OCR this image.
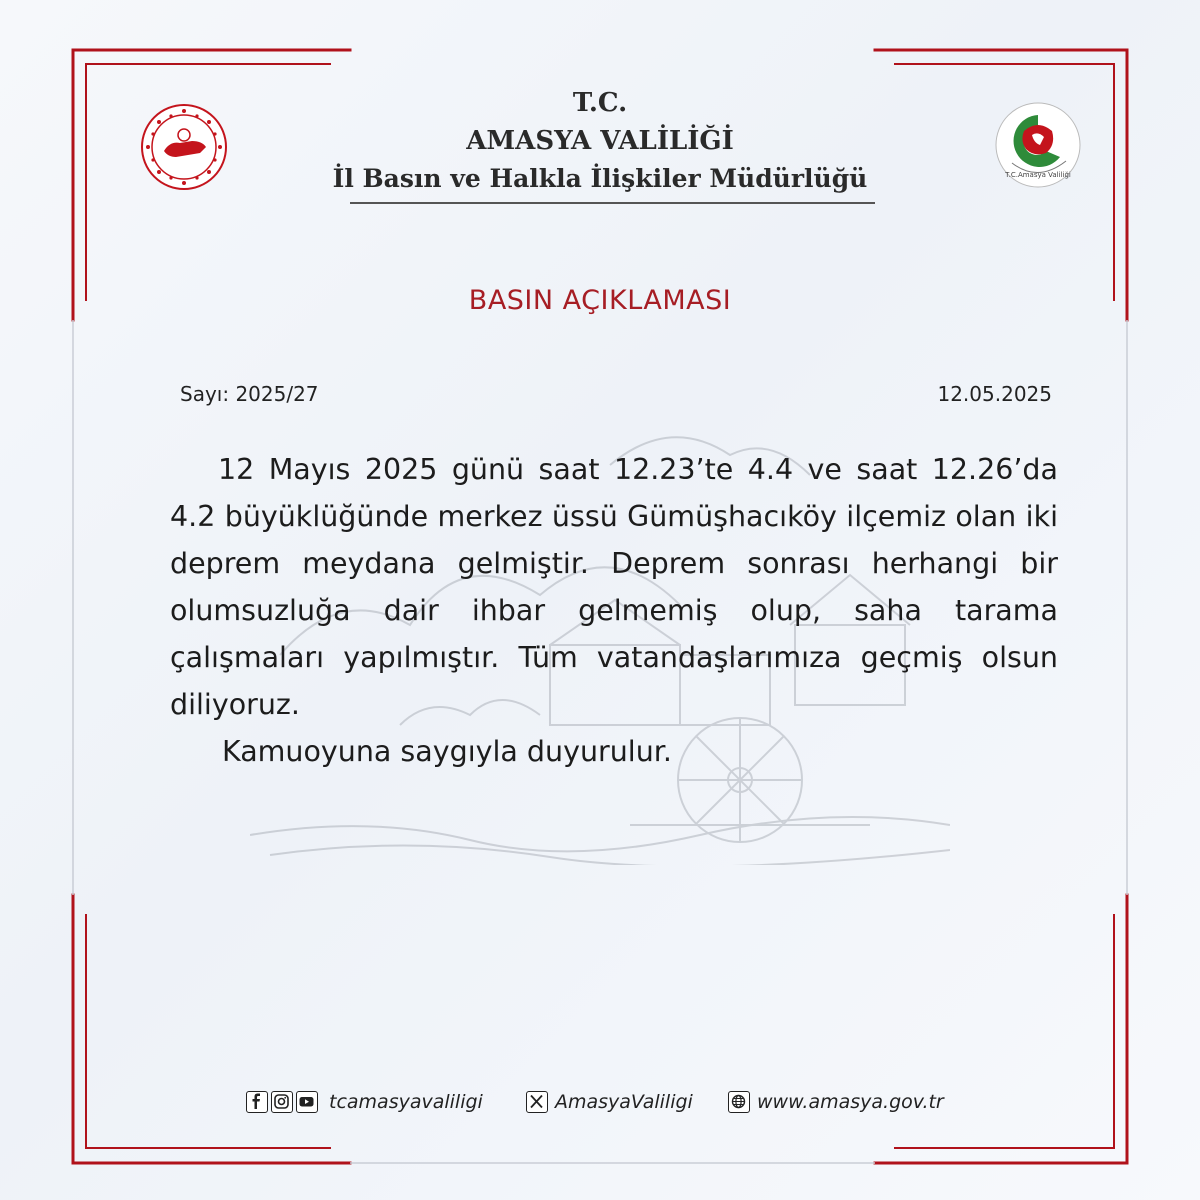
T.C.
AMASYA VALİLİĞİ
İl Basın ve Halkla İlişkiler Müdürlüğü	T.C.Amasya Valiliği
BASIN AÇIKLAMASI
Sayı: 2025/27	12.05.2025

12 Mayıs 2025 günü saat 12.23’te 4.4 ve saat 12.26’da 4.2 büyüklüğünde merkez üssü Gümüşhacıköy ilçemiz olan iki deprem meydana gelmiştir. Deprem sonrası herhangi bir olumsuzluğa dair ihbar gelmemiş olup, saha tarama çalışmaları yapılmıştır. Tüm vatandaşlarımıza geçmiş olsun diliyoruz.

Kamuoyuna saygıyla duyurulur.

tcamasyavaliligi	AmasyaValiligi	www.amasya.gov.tr
